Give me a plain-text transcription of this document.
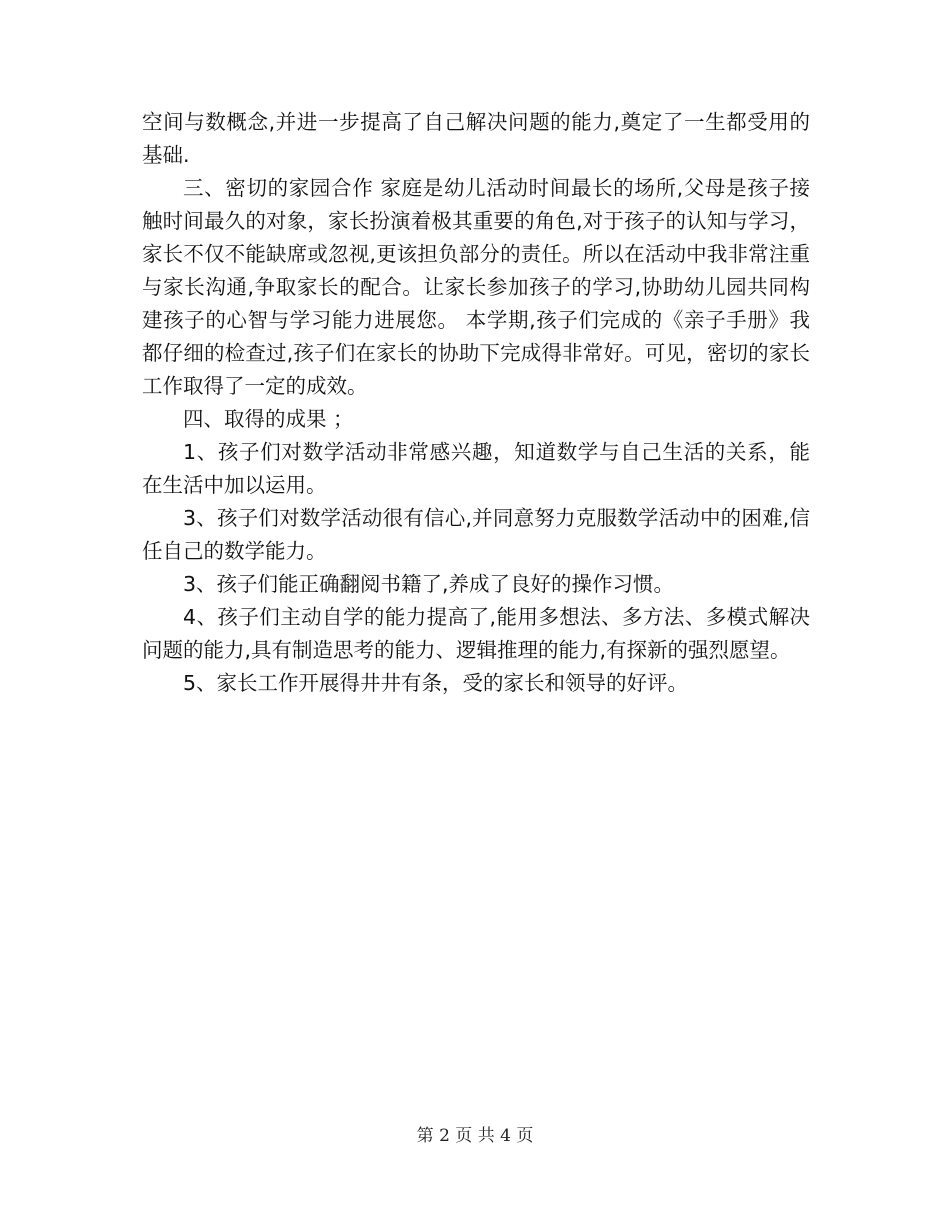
空间与数概念,并进一步提高了自己解决问题的能力,奠定了一生都受用的基础.

三、密切的家园合作 家庭是幼儿活动时间最长的场所,父母是孩子接触时间最久的对象，家长扮演着极其重要的角色,对于孩子的认知与学习，家长不仅不能缺席或忽视,更该担负部分的责任。所以在活动中我非常注重与家长沟通,争取家长的配合。让家长参加孩子的学习,协助幼儿园共同构建孩子的心智与学习能力进展您。 本学期,孩子们完成的《亲子手册》我都仔细的检查过,孩子们在家长的协助下完成得非常好。可见，密切的家长工作取得了一定的成效。

四、取得的成果 ；

1、孩子们对数学活动非常感兴趣，知道数学与自己生活的关系，能在生活中加以运用。

3、孩子们对数学活动很有信心,并同意努力克服数学活动中的困难,信任自己的数学能力。

3、孩子们能正确翻阅书籍了,养成了良好的操作习惯。

4、孩子们主动自学的能力提高了,能用多想法、多方法、多模式解决问题的能力,具有制造思考的能力、逻辑推理的能力,有探新的强烈愿望。

5、家长工作开展得井井有条，受的家长和领导的好评。

第 2 页 共 4 页
